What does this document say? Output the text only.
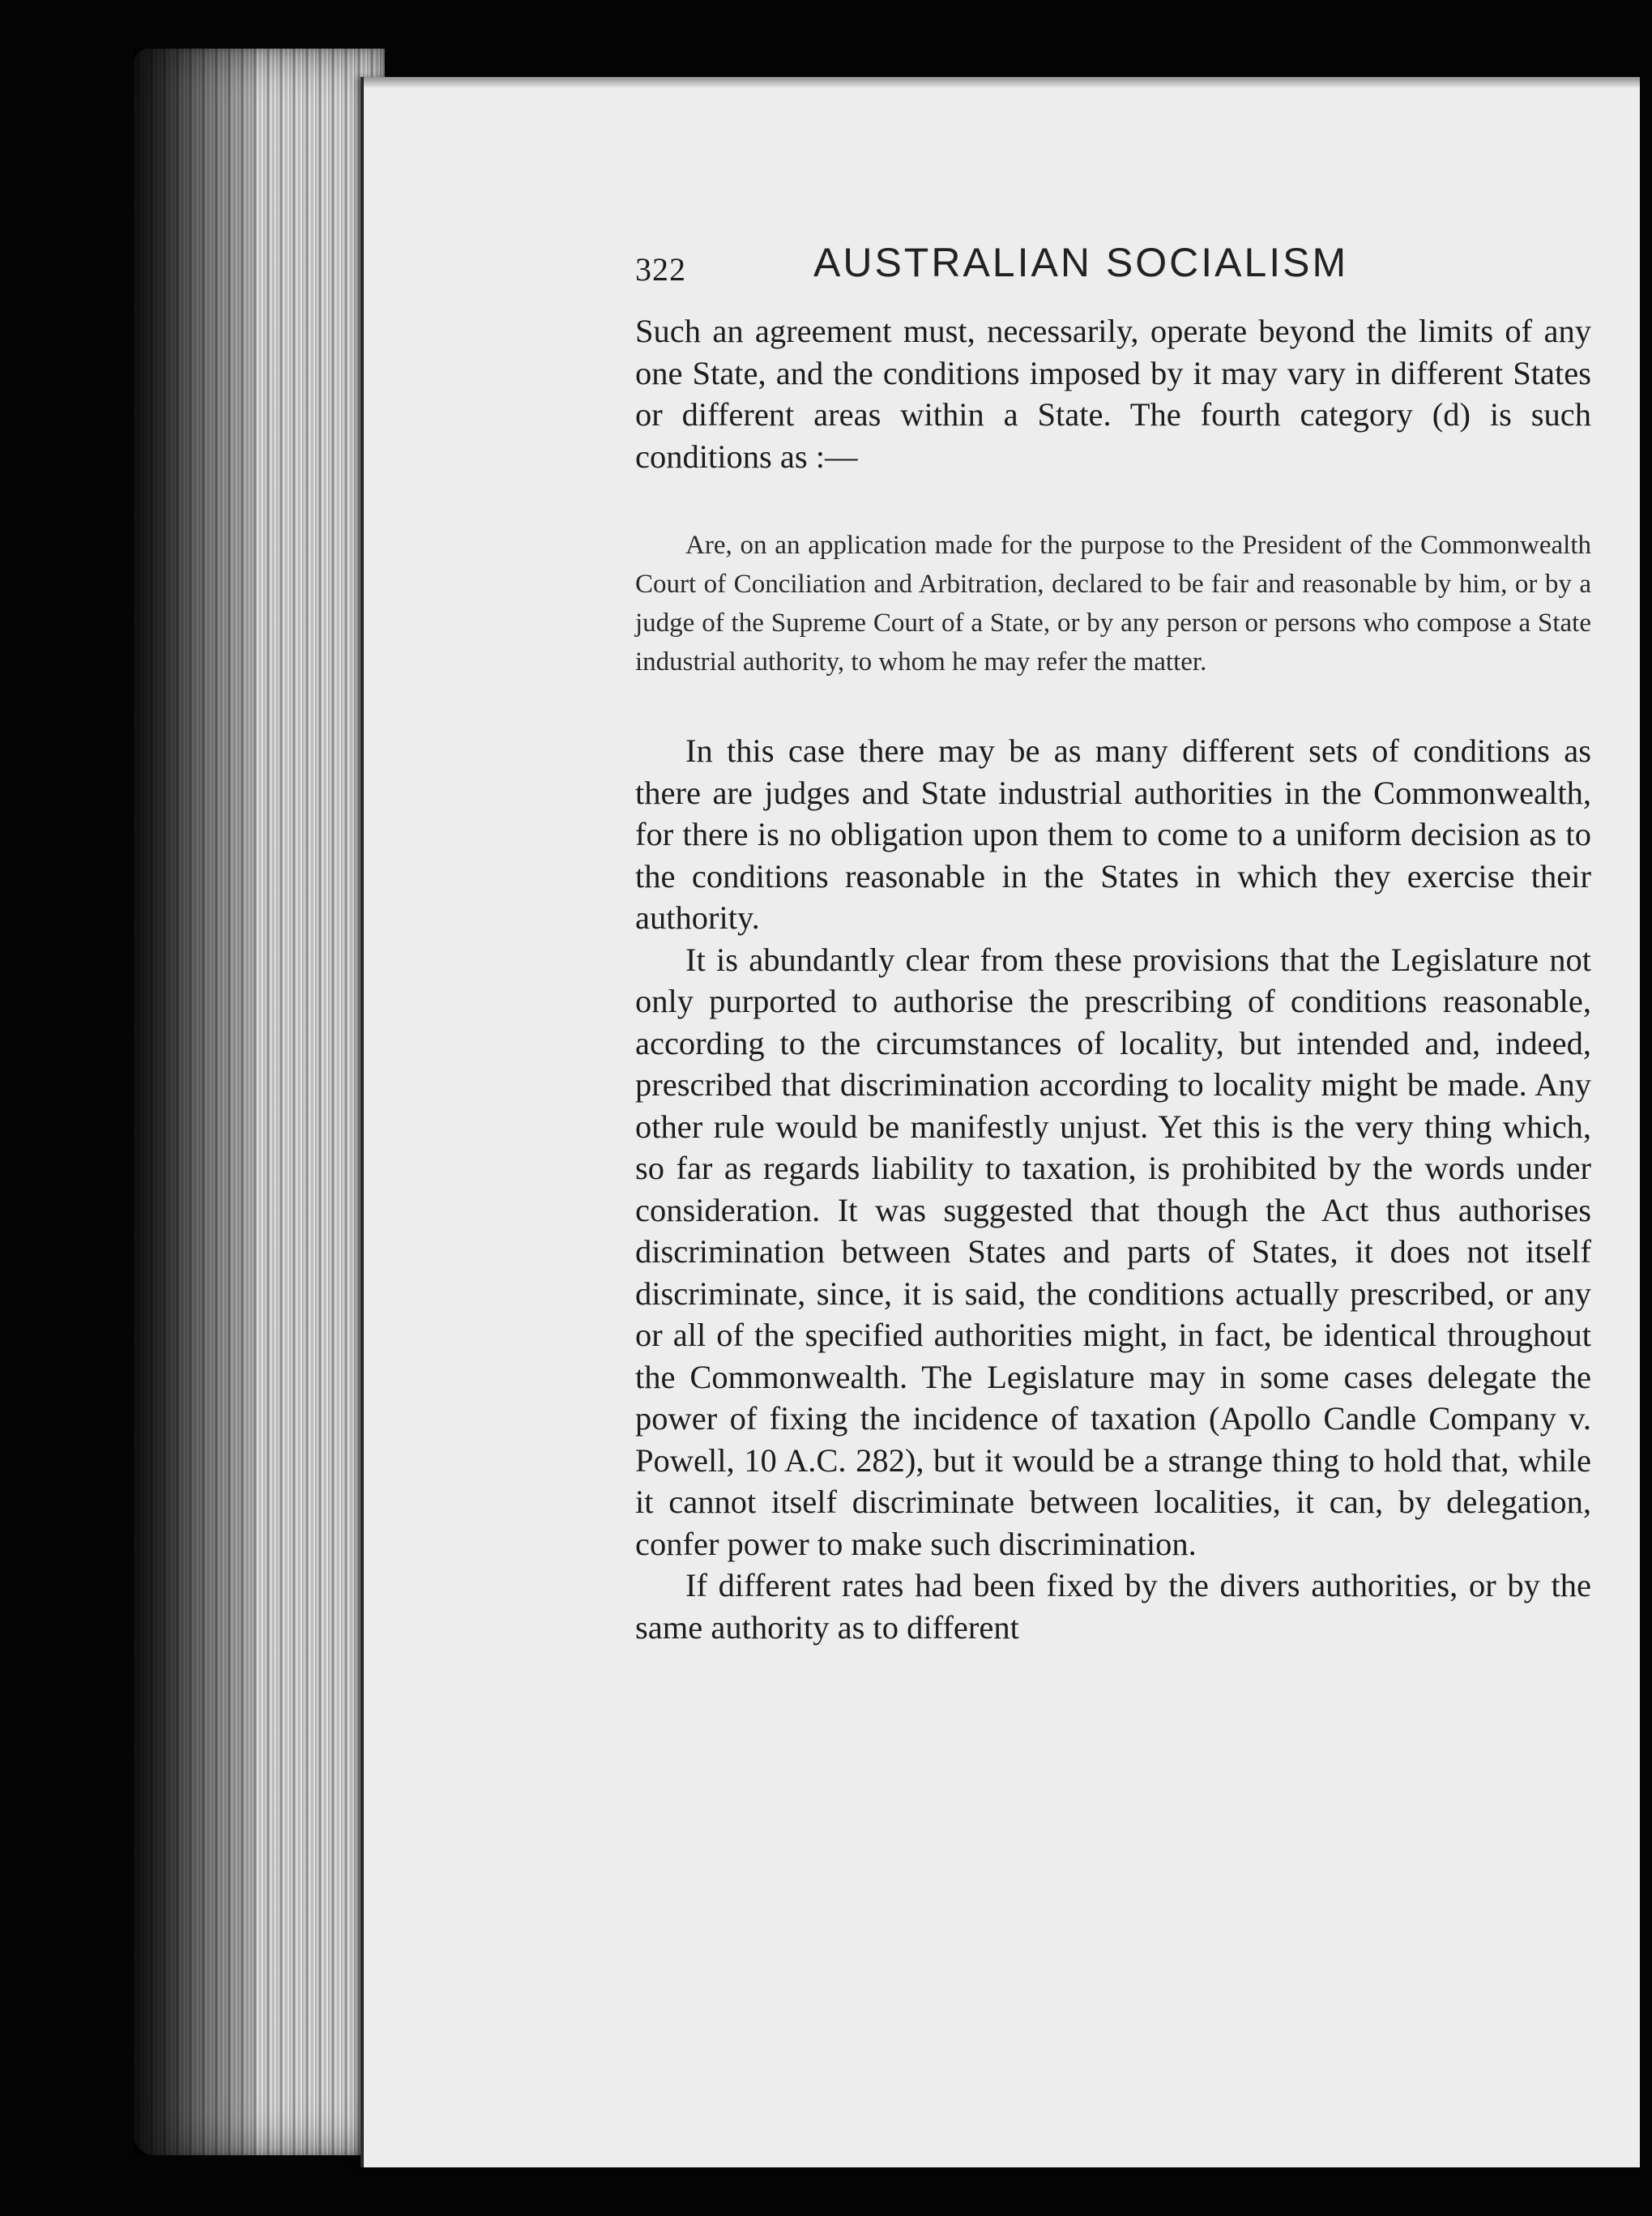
322	AUSTRALIAN SOCIALISM

Such an agreement must, necessarily, operate beyond the limits of any one State, and the conditions imposed by it may vary in different States or different areas within a State. The fourth category (d) is such conditions as :—

Are, on an application made for the purpose to the President of the Commonwealth Court of Conciliation and Arbitration, declared to be fair and reasonable by him, or by a judge of the Supreme Court of a State, or by any person or persons who compose a State industrial authority, to whom he may refer the matter.

In this case there may be as many different sets of conditions as there are judges and State industrial authorities in the Commonwealth, for there is no obligation upon them to come to a uniform decision as to the conditions reasonable in the States in which they exercise their authority.

It is abundantly clear from these provisions that the Legislature not only purported to authorise the prescribing of conditions reasonable, according to the circumstances of locality, but intended and, indeed, prescribed that discrimination according to locality might be made. Any other rule would be manifestly unjust. Yet this is the very thing which, so far as regards liability to taxation, is prohibited by the words under consideration. It was suggested that though the Act thus authorises discrimination between States and parts of States, it does not itself discriminate, since, it is said, the conditions actually prescribed, or any or all of the specified authorities might, in fact, be identical throughout the Commonwealth. The Legislature may in some cases delegate the power of fixing the incidence of taxation (Apollo Candle Company v. Powell, 10 A.C. 282), but it would be a strange thing to hold that, while it cannot itself discriminate between localities, it can, by delegation, confer power to make such discrimination.

If different rates had been fixed by the divers authorities, or by the same authority as to different
